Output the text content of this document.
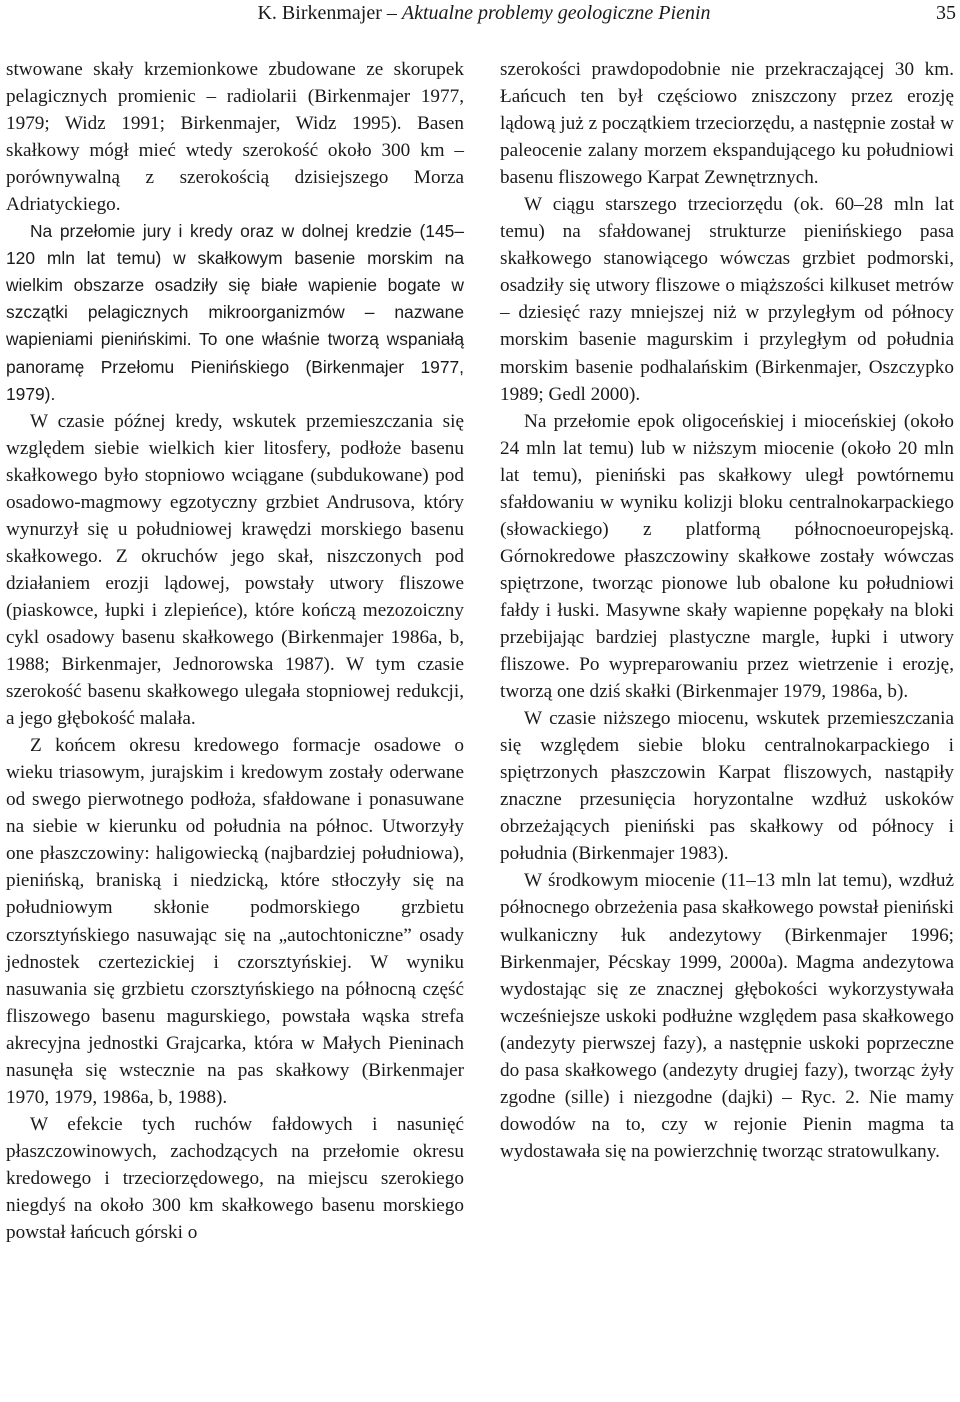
K. Birkenmajer – Aktualne problemy geologiczne Pienin	35

stwowane skały krzemionkowe zbudowane ze skorupek pelagicznych promienic – radiolarii (Birkenmajer 1977, 1979; Widz 1991; Birkenmajer, Widz 1995). Basen skałkowy mógł mieć wtedy szerokość około 300 km – porównywalną z szerokością dzisiejszego Morza Adriatyckiego.

Na przełomie jury i kredy oraz w dolnej kredzie (145–120 mln lat temu) w skałkowym basenie morskim na wielkim obszarze osadziły się białe wapienie bogate w szczątki pelagicznych mikroorganizmów – nazwane wapieniami pienińskimi. To one właśnie tworzą wspaniałą panoramę Przełomu Pienińskiego (Birkenmajer 1977, 1979).

W czasie późnej kredy, wskutek przemieszczania się względem siebie wielkich kier litosfery, podłoże basenu skałkowego było stopniowo wciągane (subdukowane) pod osadowo-magmowy egzotyczny grzbiet Andrusova, który wynurzył się u południowej krawędzi morskiego basenu skałkowego. Z okruchów jego skał, niszczonych pod działaniem erozji lądowej, powstały utwory fliszowe (piaskowce, łupki i zlepieńce), które kończą mezozoiczny cykl osadowy basenu skałkowego (Birkenmajer 1986a, b, 1988; Birkenmajer, Jednorowska 1987). W tym czasie szerokość basenu skałkowego ulegała stopniowej redukcji, a jego głębokość malała.

Z końcem okresu kredowego formacje osadowe o wieku triasowym, jurajskim i kredowym zostały oderwane od swego pierwotnego podłoża, sfałdowane i ponasuwane na siebie w kierunku od południa na północ. Utworzyły one płaszczowiny: haligowiecką (najbardziej południowa), pienińską, braniską i niedzicką, które stłoczyły się na południowym skłonie podmorskiego grzbietu czorsztyńskiego nasuwając się na „autochtoniczne” osady jednostek czertezickiej i czorsztyńskiej. W wyniku nasuwania się grzbietu czorsztyńskiego na północną część fliszowego basenu magurskiego, powstała wąska strefa akrecyjna jednostki Grajcarka, która w Małych Pieninach nasunęła się wstecznie na pas skałkowy (Birkenmajer 1970, 1979, 1986a, b, 1988).

W efekcie tych ruchów fałdowych i nasunięć płaszczowinowych, zachodzących na przełomie okresu kredowego i trzeciorzędowego, na miejscu szerokiego niegdyś na około 300 km skałkowego basenu morskiego powstał łańcuch górski o

szerokości prawdopodobnie nie przekraczającej 30 km. Łańcuch ten był częściowo zniszczony przez erozję lądową już z początkiem trzeciorzędu, a następnie został w paleocenie zalany morzem ekspandującego ku południowi basenu fliszowego Karpat Zewnętrznych.

W ciągu starszego trzeciorzędu (ok. 60–28 mln lat temu) na sfałdowanej strukturze pienińskiego pasa skałkowego stanowiącego wówczas grzbiet podmorski, osadziły się utwory fliszowe o miąższości kilkuset metrów – dziesięć razy mniejszej niż w przyległym od północy morskim basenie magurskim i przyległym od południa morskim basenie podhalańskim (Birkenmajer, Oszczypko 1989; Gedl 2000).

Na przełomie epok oligoceńskiej i mioceńskiej (około 24 mln lat temu) lub w niższym miocenie (około 20 mln lat temu), pieniński pas skałkowy uległ powtórnemu sfałdowaniu w wyniku kolizji bloku centralnokarpackiego (słowackiego) z platformą północnoeuropejską. Górnokredowe płaszczowiny skałkowe zostały wówczas spiętrzone, tworząc pionowe lub obalone ku południowi fałdy i łuski. Masywne skały wapienne popękały na bloki przebijając bardziej plastyczne margle, łupki i utwory fliszowe. Po wypreparowaniu przez wietrzenie i erozję, tworzą one dziś skałki (Birkenmajer 1979, 1986a, b).

W czasie niższego miocenu, wskutek przemieszczania się względem siebie bloku centralnokarpackiego i spiętrzonych płaszczowin Karpat fliszowych, nastąpiły znaczne przesunięcia horyzontalne wzdłuż uskoków obrzeżających pieniński pas skałkowy od północy i południa (Birkenmajer 1983).

W środkowym miocenie (11–13 mln lat temu), wzdłuż północnego obrzeżenia pasa skałkowego powstał pieniński wulkaniczny łuk andezytowy (Birkenmajer 1996; Birkenmajer, Pécskay 1999, 2000a). Magma andezytowa wydostając się ze znacznej głębokości wykorzystywała wcześniejsze uskoki podłużne względem pasa skałkowego (andezyty pierwszej fazy), a następnie uskoki poprzeczne do pasa skałkowego (andezyty drugiej fazy), tworząc żyły zgodne (sille) i niezgodne (dajki) – Ryc. 2. Nie mamy dowodów na to, czy w rejonie Pienin magma ta wydostawała się na powierzchnię tworząc stratowulkany.
